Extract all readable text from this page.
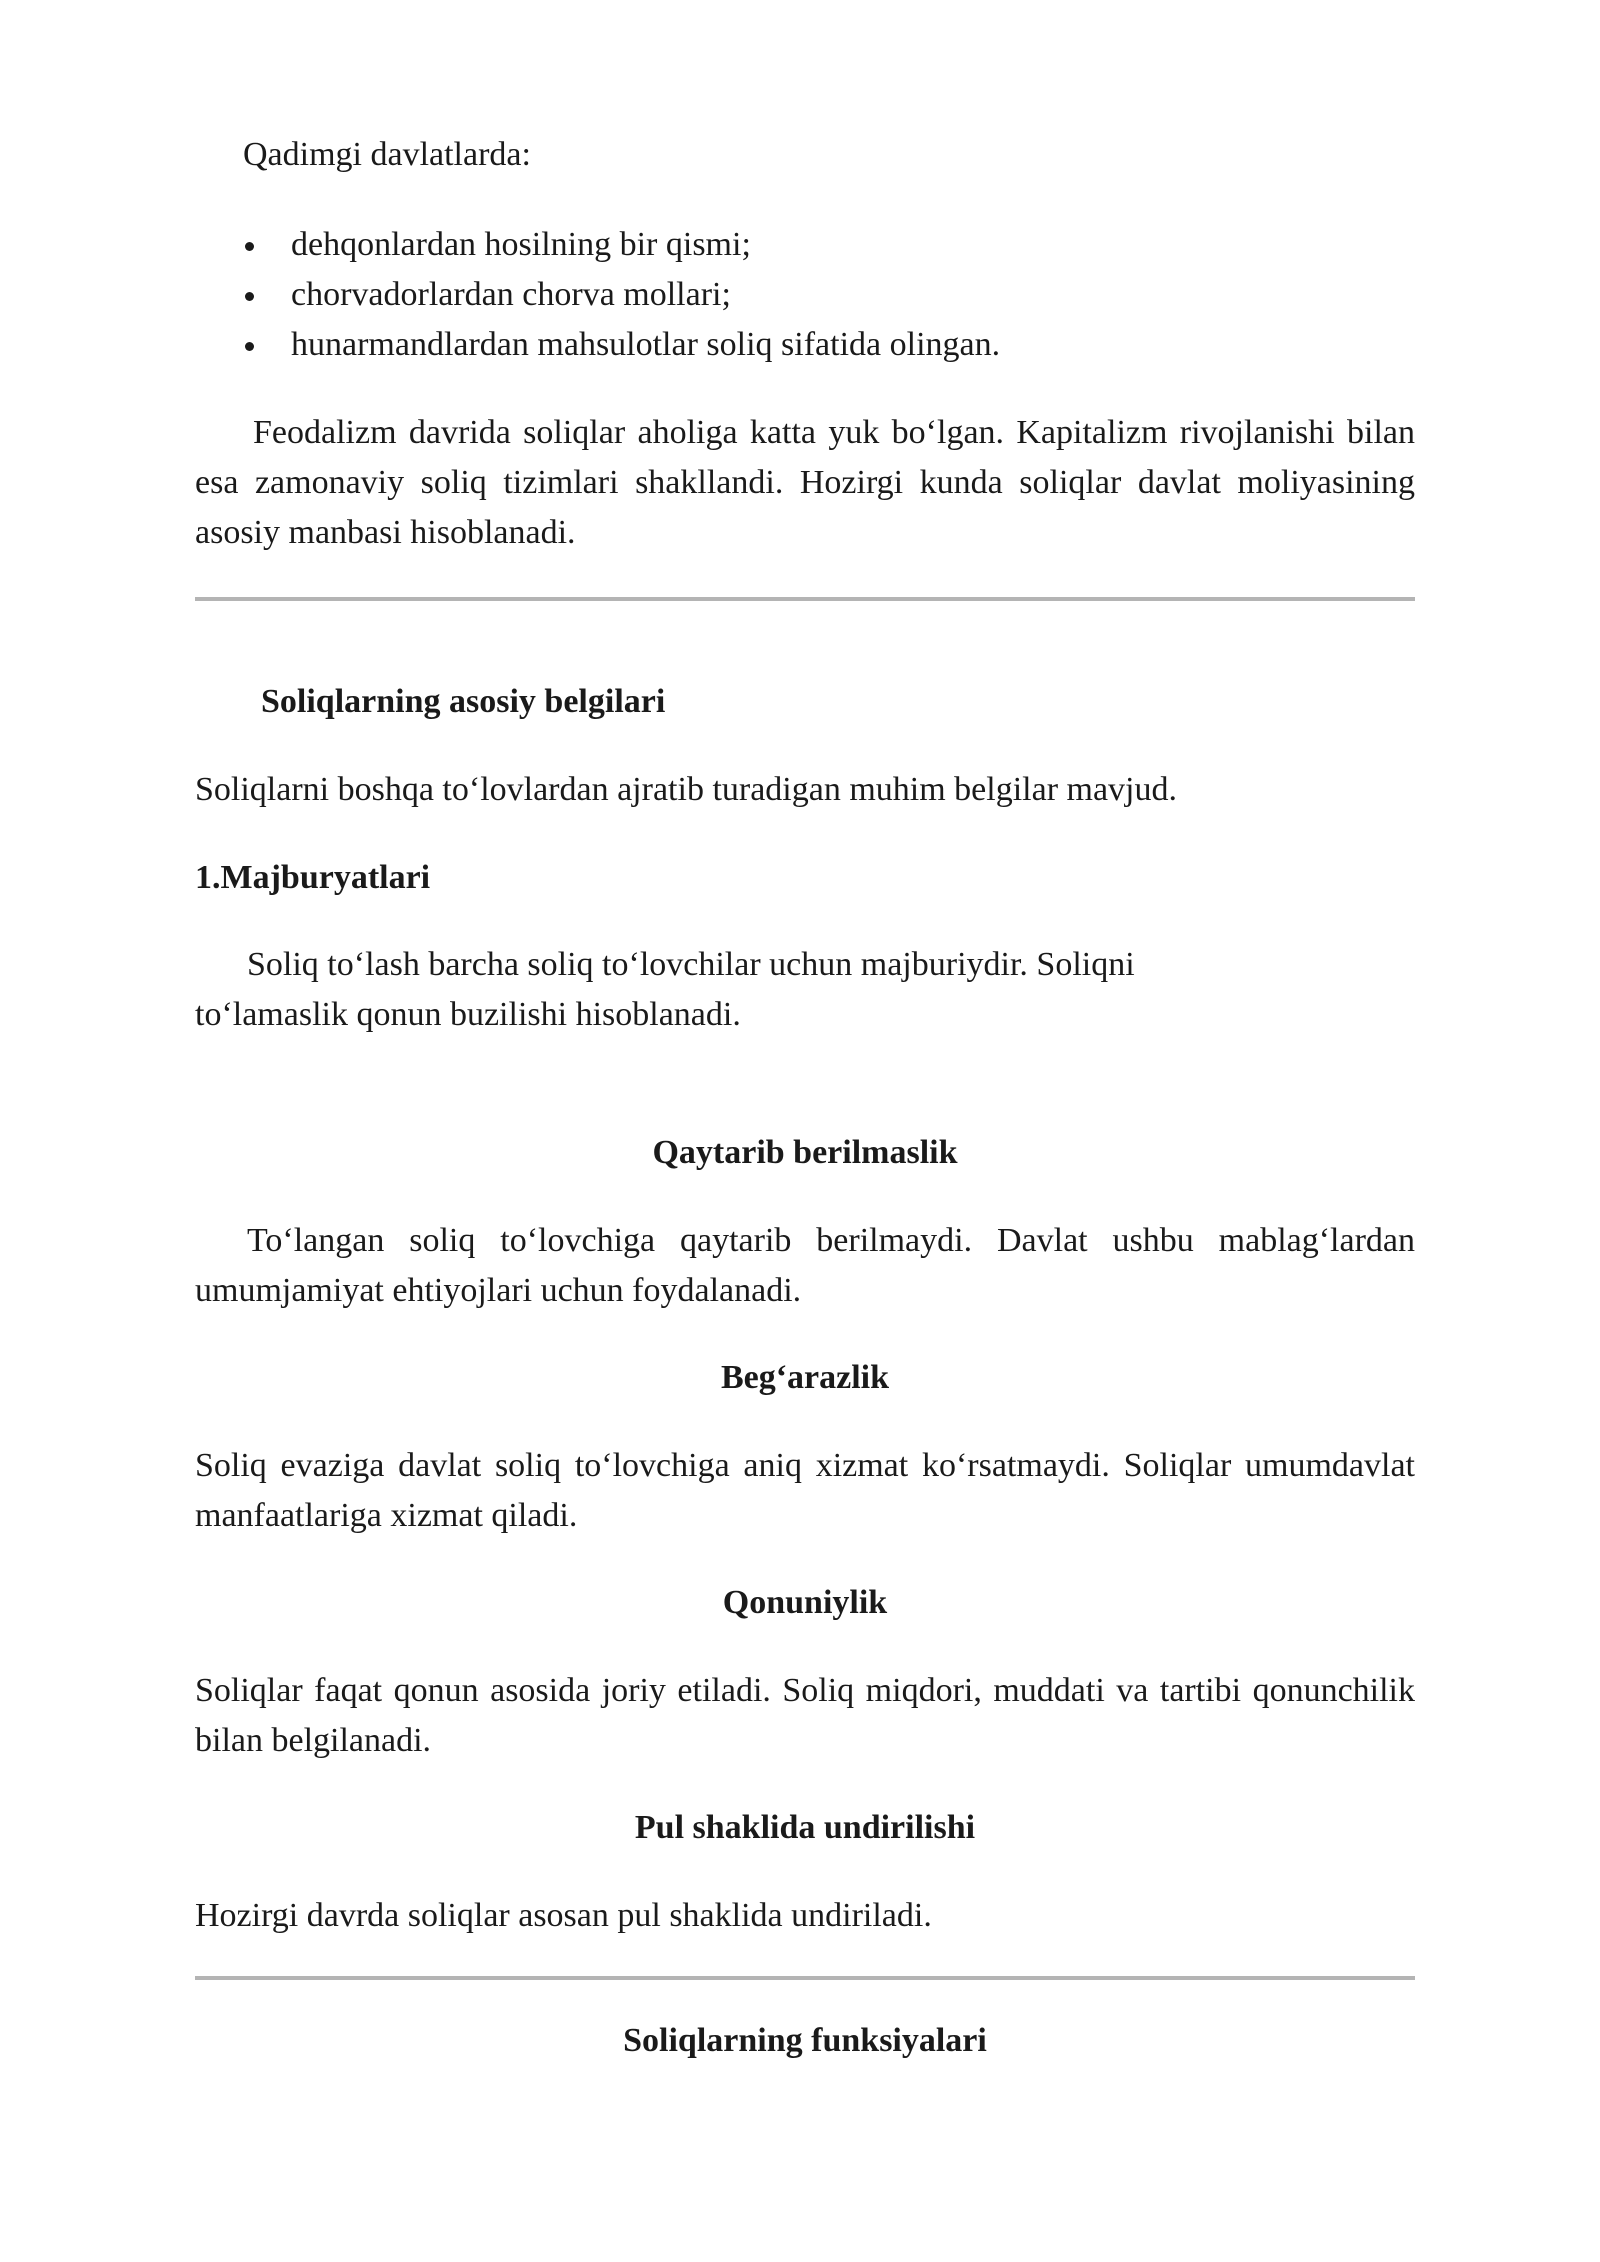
Qadimgi davlatlarda:

dehqonlardan hosilning bir qismi;
chorvadorlardan chorva mollari;
hunarmandlardan mahsulotlar soliq sifatida olingan.

Feodalizm davrida soliqlar aholiga katta yuk bo‘lgan. Kapitalizm rivojlanishi bilan esa zamonaviy soliq tizimlari shakllandi. Hozirgi kunda soliqlar davlat moliyasining asosiy manbasi hisoblanadi.

Soliqlarning asosiy belgilari

Soliqlarni boshqa to‘lovlardan ajratib turadigan muhim belgilar mavjud.

1.Majburyatlari

Soliq to‘lash barcha soliq to‘lovchilar uchun majburiydir. Soliqni to‘lamaslik qonun buzilishi hisoblanadi.

Qaytarib berilmaslik

To‘langan soliq to‘lovchiga qaytarib berilmaydi. Davlat ushbu mablag‘lardan umumjamiyat ehtiyojlari uchun foydalanadi.

Beg‘arazlik

Soliq evaziga davlat soliq to‘lovchiga aniq xizmat ko‘rsatmaydi. Soliqlar umumdavlat manfaatlariga xizmat qiladi.

Qonuniylik

Soliqlar faqat qonun asosida joriy etiladi. Soliq miqdori, muddati va tartibi qonunchilik bilan belgilanadi.

Pul shaklida undirilishi

Hozirgi davrda soliqlar asosan pul shaklida undiriladi.

Soliqlarning funksiyalari
